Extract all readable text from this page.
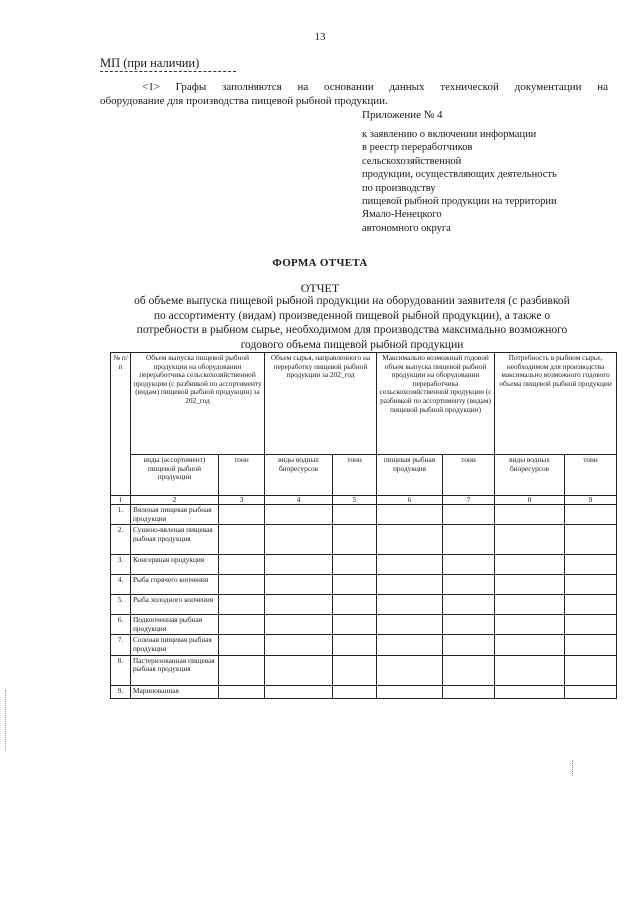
13
МП (при наличии)
<1> Графы заполняются на основании данных технической документации на
оборудование для производства пищевой рыбной продукции.
Приложение № 4
к заявлению о включении информации
в реестр переработчиков
сельскохозяйственной
продукции, осуществляющих деятельность
по производству
пищевой рыбной продукции на территории
Ямало-Ненецкого
автономного округа
ФОРМА ОТЧЕТА
ОТЧЕТ
об объеме выпуска пищевой рыбной продукции на оборудовании заявителя (с разбивкой
по ассортименту (видам) произведенной пищевой рыбной продукции), а также о
потребности в рыбном сырье, необходимом для производства максимально возможного
годового объема пищевой рыбной продукции
№ п/п	Объем выпуска пищевой рыбной продукции на оборудовании переработчика сельскохозяйственной продукции (с разбивкой по ассортименту (видам) пищевой рыбной продукции) за 202_год		Объем сырья, направленного на переработку пищевой рыбной продукции за 202_год		Максимально возможный годовой объем выпуска пищевой рыбной продукции на оборудовании переработчика сельскохозяйственной продукции (с разбивкой по ассортименту (видам) пищевой рыбной продукции)		Потребность в рыбном сырье, необходимом для производства максимально возможного годового объема пищевой рыбной продукции	
	виды (ассортимент) пищевой рыбной продукции	тонн	виды водных биоресурсов	тонн	пищевая рыбная продукция	тонн	виды водных биоресурсов	тонн
1	2	3	4	5	6	7	8	9
1.	Вяленая пищевая рыбная продукция							
2.	Сушено-вяленая пищевая рыбная продукция							
3.	Консервная продукция							
4.	Рыба горячего копчения							
5.	Рыба холодного копчения							
6.	Подкопченная рыбная продукция							
7.	Соленая пищевая рыбная продукция							
8.	Пастеризованная пищевая рыбная продукция							
9.	Маринованная							
